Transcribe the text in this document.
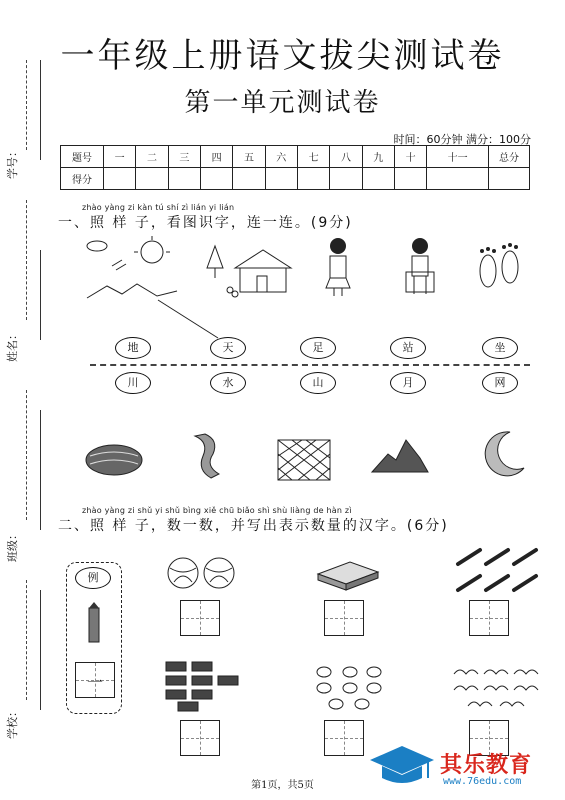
学号：
姓名：
班级：
学校：
一年级上册语文拔尖测试卷
第一单元测试卷
时间：60分钟 满分：100分
题号	一	二	三	四	五	六	七	八	九	十	十一	总分
得分												
zhào yàng zi kàn tú shí zì lián yi lián
一、照 样 子，看图识字，连一连。(9分)
地	天	足	站	坐
川	水	山	月	网
zhào yàng zi shǔ yi shǔ bìng xiě chū biǎo shì shù liàng de hàn zì
二、照 样 子，数一数，并写出表示数量的汉字。(6分)
例
一
第1页，共5页
其乐教育
www.76edu.com
